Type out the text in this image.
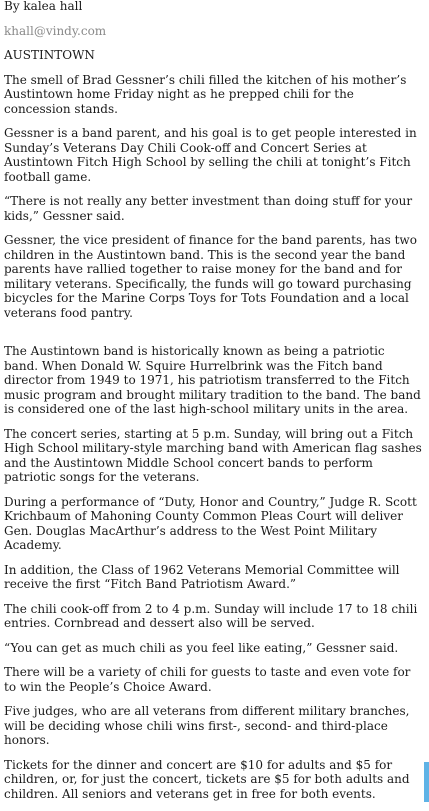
By kalea hall
khall@vindy.com
AUSTINTOWN

The smell of Brad Gessner’s chili filled the kitchen of his mother’s Austintown home Friday night as he prepped chili for the concession stands.

Gessner is a band parent, and his goal is to get people interested in Sunday’s Veterans Day Chili Cook-off and Concert Series at Austintown Fitch High School by selling the chili at tonight’s Fitch football game.

“There is not really any better investment than doing stuff for your kids,” Gessner said.

Gessner, the vice president of finance for the band parents, has two children in the Austintown band. This is the second year the band parents have rallied together to raise money for the band and for military veterans. Specifically, the funds will go toward purchasing bicycles for the Marine Corps Toys for Tots Foundation and a local veterans food pantry.

The Austintown band is historically known as being a patriotic band. When Donald W. Squire Hurrelbrink was the Fitch band director from 1949 to 1971, his patriotism transferred to the Fitch music program and brought military tradition to the band. The band is considered one of the last high-school military units in the area.

The concert series, starting at 5 p.m. Sunday, will bring out a Fitch High School military-style marching band with American flag sashes and the Austintown Middle School concert bands to perform patriotic songs for the veterans.

During a performance of “Duty, Honor and Country,” Judge R. Scott Krichbaum of Mahoning County Common Pleas Court will deliver Gen. Douglas MacArthur’s address to the West Point Military Academy.

In addition, the Class of 1962 Veterans Memorial Committee will receive the first “Fitch Band Patriotism Award.”

The chili cook-off from 2 to 4 p.m. Sunday will include 17 to 18 chili entries. Cornbread and dessert also will be served.

“You can get as much chili as you feel like eating,” Gessner said.

There will be a variety of chili for guests to taste and even vote for to win the People’s Choice Award.

Five judges, who are all veterans from different military branches, will be deciding whose chili wins first-, second- and third-place honors.

Tickets for the dinner and concert are $10 for adults and $5 for children, or, for just the concert, tickets are $5 for both adults and children. All seniors and veterans get in free for both events.
